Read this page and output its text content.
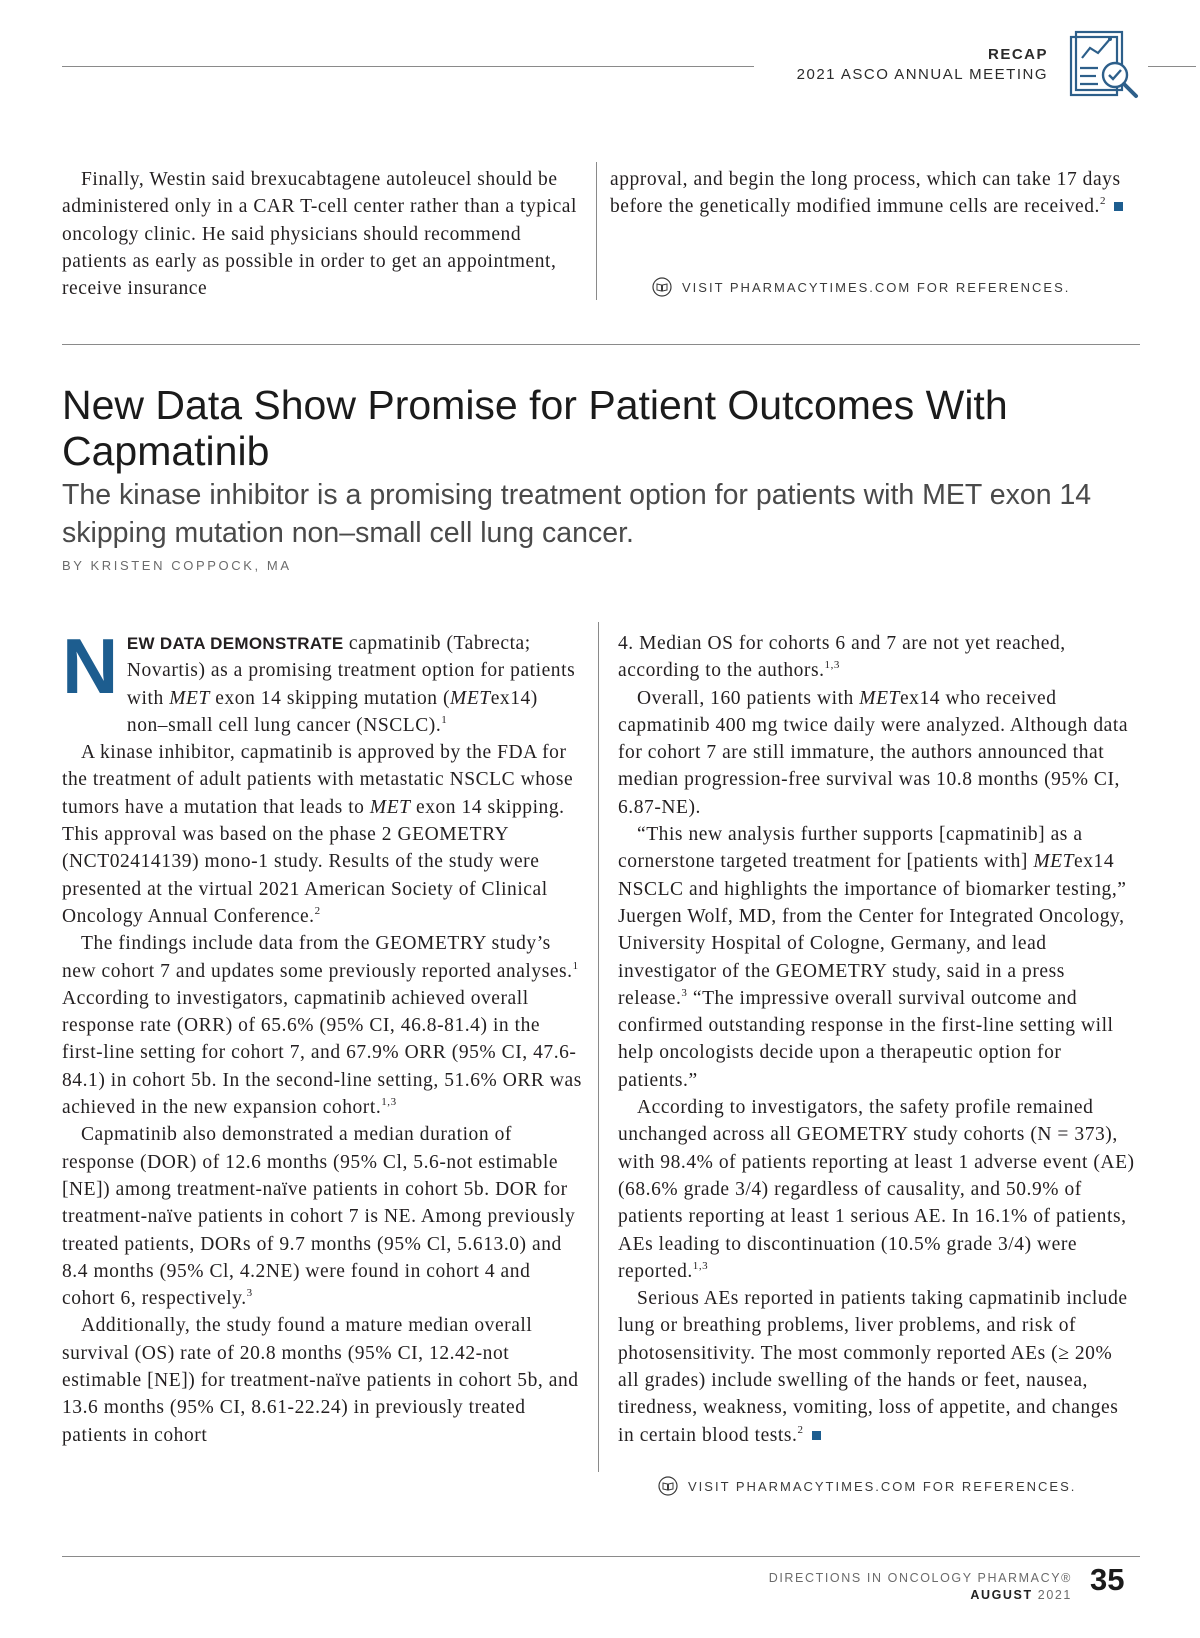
RECAP
2021 ASCO ANNUAL MEETING

Finally, Westin said brexucabtagene autoleucel should be administered only in a CAR T-cell center rather than a typical oncology clinic. He said physicians should recommend patients as early as possible in order to get an appointment, receive insurance

approval, and begin the long process, which can take 17 days before the genetically modified immune cells are received.$^2$

VISIT PHARMACYTIMES.COM FOR REFERENCES.
New Data Show Promise for Patient Outcomes With Capmatinib
The kinase inhibitor is a promising treatment option for patients with MET exon 14 skipping mutation non–small cell lung cancer.
BY KRISTEN COPPOCK, MA

NEW DATA DEMONSTRATE capmatinib (Tabrecta; Novartis) as a promising treatment option for patients with MET exon 14 skipping mutation (METex14) non–small cell lung cancer (NSCLC).$^1$

A kinase inhibitor, capmatinib is approved by the FDA for the treatment of adult patients with metastatic NSCLC whose tumors have a mutation that leads to MET exon 14 skipping. This approval was based on the phase 2 GEOMETRY (NCT02414139) mono-1 study. Results of the study were presented at the virtual 2021 American Society of Clinical Oncology Annual Conference.$^2$

The findings include data from the GEOMETRY study’s new cohort 7 and updates some previously reported analyses.$^1$ According to investigators, capmatinib achieved overall response rate (ORR) of 65.6% (95% CI, 46.8-81.4) in the first-line setting for cohort 7, and 67.9% ORR (95% CI, 47.6-84.1) in cohort 5b. In the second-line setting, 51.6% ORR was achieved in the new expansion cohort.$^{1,3}$

Capmatinib also demonstrated a median duration of response (DOR) of 12.6 months (95% Cl, 5.6-not estimable [NE]) among treatment-naïve patients in cohort 5b. DOR for treatment-naïve patients in cohort 7 is NE. Among previously treated patients, DORs of 9.7 months (95% Cl, 5.613.0) and 8.4 months (95% Cl, 4.2NE) were found in cohort 4 and cohort 6, respectively.$^3$

Additionally, the study found a mature median overall survival (OS) rate of 20.8 months (95% CI, 12.42-not estimable [NE]) for treatment-naïve patients in cohort 5b, and 13.6 months (95% CI, 8.61-22.24) in previously treated patients in cohort

4. Median OS for cohorts 6 and 7 are not yet reached, according to the authors.$^{1,3}$

Overall, 160 patients with METex14 who received capmatinib 400 mg twice daily were analyzed. Although data for cohort 7 are still immature, the authors announced that median progression-free survival was 10.8 months (95% CI, 6.87-NE).

“This new analysis further supports [capmatinib] as a cornerstone targeted treatment for [patients with] METex14 NSCLC and highlights the importance of biomarker testing,” Juergen Wolf, MD, from the Center for Integrated Oncology, University Hospital of Cologne, Germany, and lead investigator of the GEOMETRY study, said in a press release.$^3$ “The impressive overall survival outcome and confirmed outstanding response in the first-line setting will help oncologists decide upon a therapeutic option for patients.”

According to investigators, the safety profile remained unchanged across all GEOMETRY study cohorts (N = 373), with 98.4% of patients reporting at least 1 adverse event (AE) (68.6% grade 3/4) regardless of causality, and 50.9% of patients reporting at least 1 serious AE. In 16.1% of patients, AEs leading to discontinuation (10.5% grade 3/4) were reported.$^{1,3}$

Serious AEs reported in patients taking capmatinib include lung or breathing problems, liver problems, and risk of photosensitivity. The most commonly reported AEs (≥ 20% all grades) include swelling of the hands or feet, nausea, tiredness, weakness, vomiting, loss of appetite, and changes in certain blood tests.$^2$

VISIT PHARMACYTIMES.COM FOR REFERENCES.
DIRECTIONS IN ONCOLOGY PHARMACY®
AUGUST 2021 35
